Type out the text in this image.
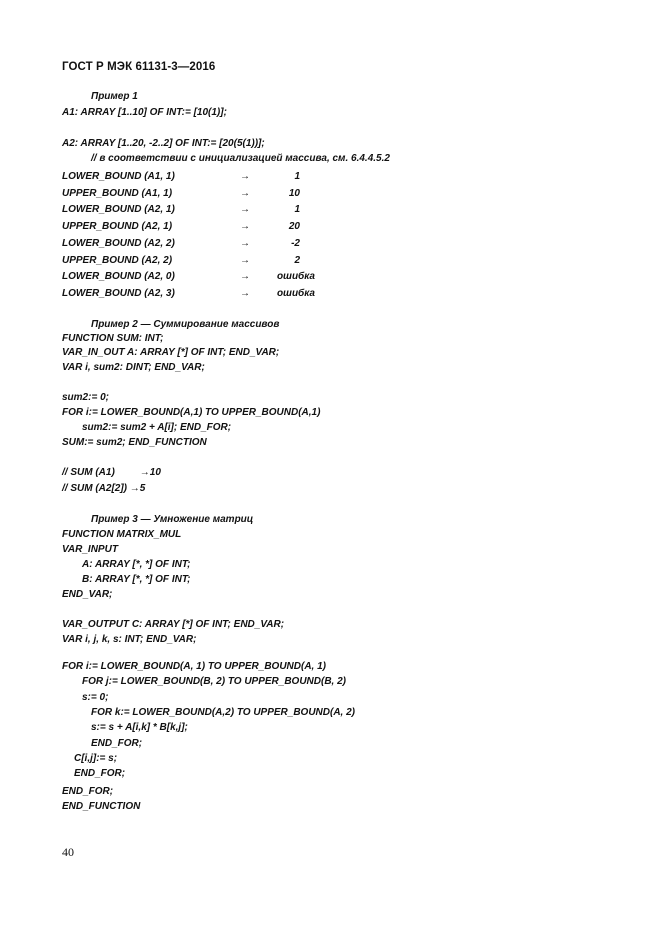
ГОСТ Р МЭК 61131-3—2016
Пример 1
A1: ARRAY [1..10] OF INT:= [10(1)];
A2: ARRAY [1..20, -2..2] OF INT:= [20(5(1))];
// в соответствии с инициализацией массива, см. 6.4.4.5.2
LOWER_BOUND (A1, 1)	→	1
UPPER_BOUND (A1, 1)	→	10
LOWER_BOUND (A2, 1)	→	1
UPPER_BOUND (A2, 1)	→	20
LOWER_BOUND (A2, 2)	→	-2
UPPER_BOUND (A2, 2)	→	2
LOWER_BOUND (A2, 0)	→	ошибка
LOWER_BOUND (A2, 3)	→	ошибка
Пример 2 — Суммирование массивов
FUNCTION SUM: INT;
VAR_IN_OUT A: ARRAY [*] OF INT; END_VAR;
VAR i, sum2: DINT; END_VAR;
sum2:= 0;
FOR i:= LOWER_BOUND(A,1) TO UPPER_BOUND(A,1)
sum2:= sum2 + A[i]; END_FOR;
SUM:= sum2; END_FUNCTION
// SUM (A1)         →10
// SUM (A2[2]) →5
Пример 3 — Умножение матриц
FUNCTION MATRIX_MUL
VAR_INPUT
A: ARRAY [*, *] OF INT;
B: ARRAY [*, *] OF INT;
END_VAR;
VAR_OUTPUT C: ARRAY [*] OF INT; END_VAR;
VAR i, j, k, s: INT; END_VAR;
FOR i:= LOWER_BOUND(A, 1) TO UPPER_BOUND(A, 1)
FOR j:= LOWER_BOUND(B, 2) TO UPPER_BOUND(B, 2)
s:= 0;
FOR k:= LOWER_BOUND(A,2) TO UPPER_BOUND(A, 2)
s:= s + A[i,k] * B[k,j];
END_FOR;
C[i,j]:= s;
END_FOR;
END_FOR;
END_FUNCTION
40
